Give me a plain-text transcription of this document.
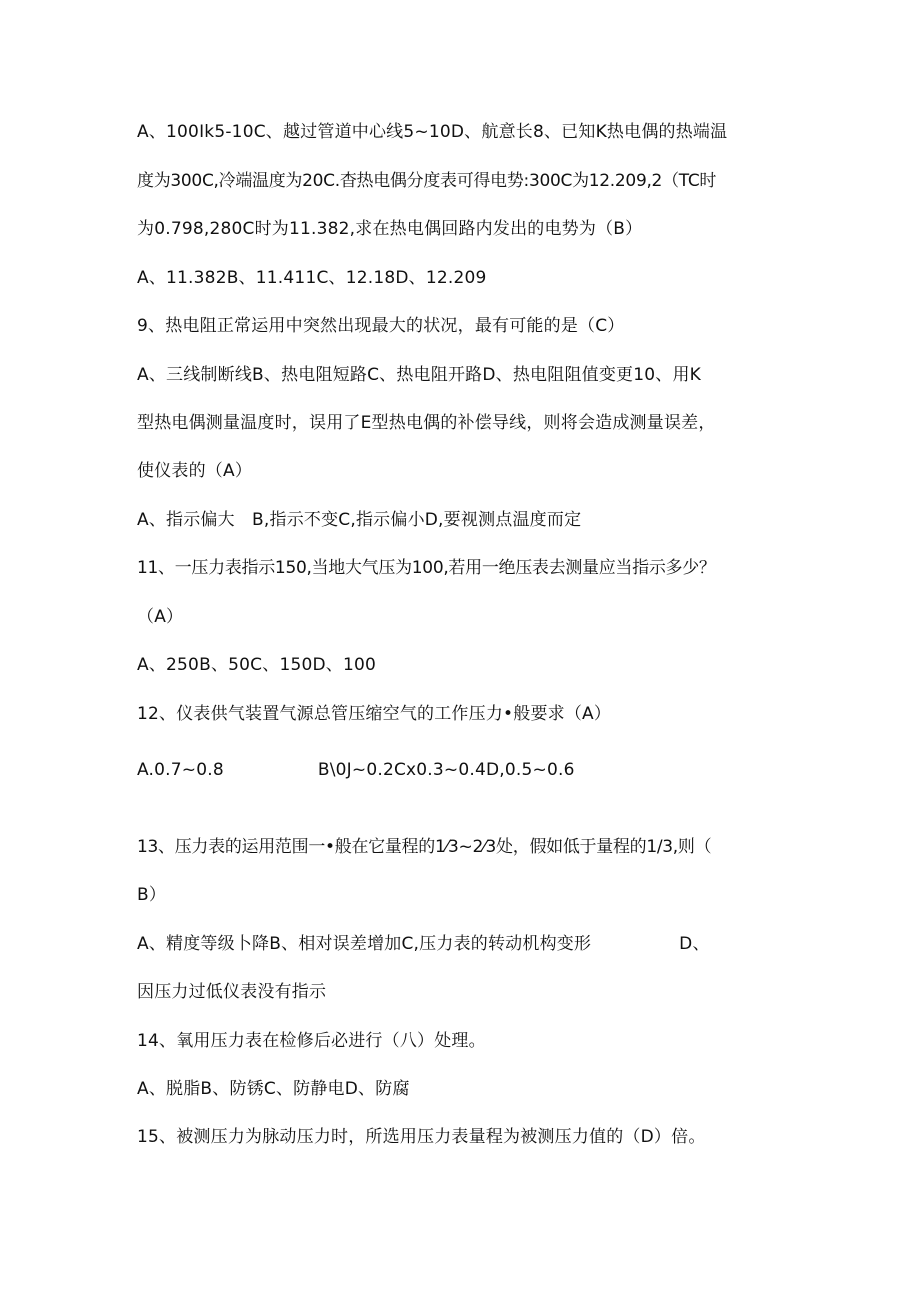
A、100Ik5-10C、越过管道中心线5~10D、航意长8、已知K热电偶的热端温
度为300C,冷端温度为20C.杳热电偶分度表可得电势:300C为12.209,2（TC时
为0.798,280C时为11.382,求在热电偶回路内发出的电势为（B）
A、11.382B、11.411C、12.18D、12.209
9、热电阻正常运用中突然出现最大的状况，最有可能的是（C）
A、三线制断线B、热电阻短路C、热电阻开路D、热电阻阻值变更10、用K
型热电偶测量温度时，误用了E型热电偶的补偿导线，则将会造成测量误差，
使仪表的（A）
A、指示偏大　B,指示不变C,指示偏小D,要视测点温度而定
11、一压力表指示150,当地大气压为100,若用一绝压表去测量应当指示多少？
（A）
A、250B、50C、150D、100
12、仪表供气装置气源总管压缩空气的工作压力•般要求（A）
A.0.7~0.8	B\0J~0.2Cx0.3~0.4D,0.5~0.6
13、压力表的运用范围一•般在它量程的1⁄3~2⁄3处，假如低于量程的1/3,则（
B）
A、精度等级卜降B、相对误差增加C,压力表的转动机构变形	D、
因压力过低仪表没有指示
14、氧用压力表在检修后必进行（八）处理。
A、脱脂B、防锈C、防静电D、防腐
15、被测压力为脉动压力时，所选用压力表量程为被测压力值的（D）倍。
